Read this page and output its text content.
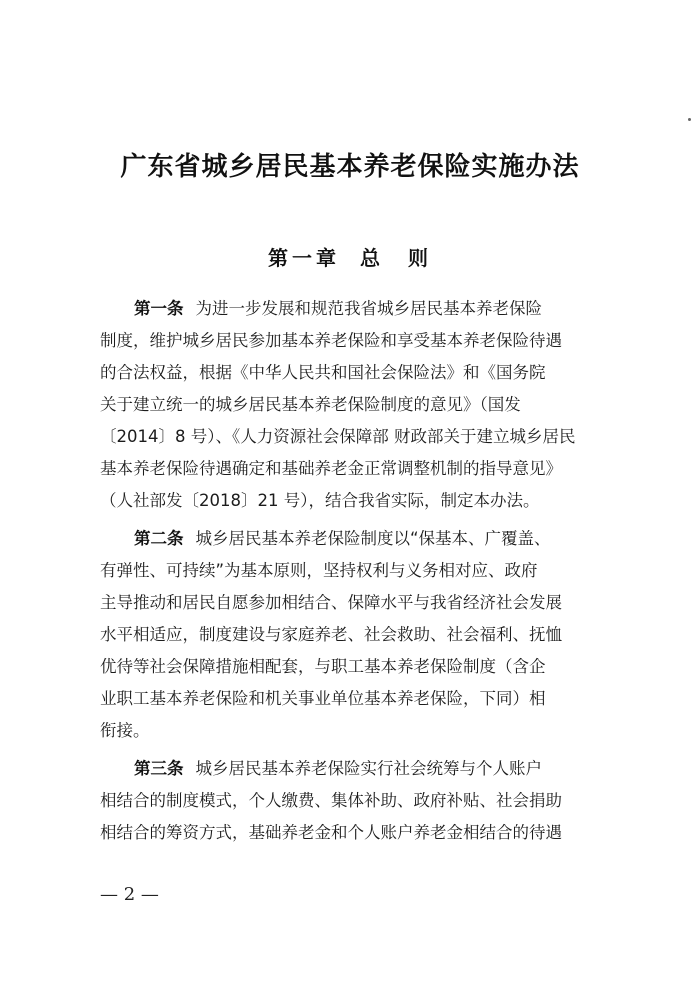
广东省城乡居民基本养老保险实施办法
第一章 总　则
第一条 为进一步发展和规范我省城乡居民基本养老保险
制度，维护城乡居民参加基本养老保险和享受基本养老保险待遇
的合法权益，根据《中华人民共和国社会保险法》和《国务院
关于建立统一的城乡居民基本养老保险制度的意见》（国发
〔2014〕8 号）、《人力资源社会保障部 财政部关于建立城乡居民
基本养老保险待遇确定和基础养老金正常调整机制的指导意见》
（人社部发〔2018〕21 号），结合我省实际，制定本办法。
第二条 城乡居民基本养老保险制度以“保基本、广覆盖、
有弹性、可持续”为基本原则，坚持权利与义务相对应、政府
主导推动和居民自愿参加相结合、保障水平与我省经济社会发展
水平相适应，制度建设与家庭养老、社会救助、社会福利、抚恤
优待等社会保障措施相配套，与职工基本养老保险制度（含企
业职工基本养老保险和机关事业单位基本养老保险，下同）相
衔接。
第三条 城乡居民基本养老保险实行社会统筹与个人账户
相结合的制度模式，个人缴费、集体补助、政府补贴、社会捐助
相结合的筹资方式，基础养老金和个人账户养老金相结合的待遇
— 2 —
